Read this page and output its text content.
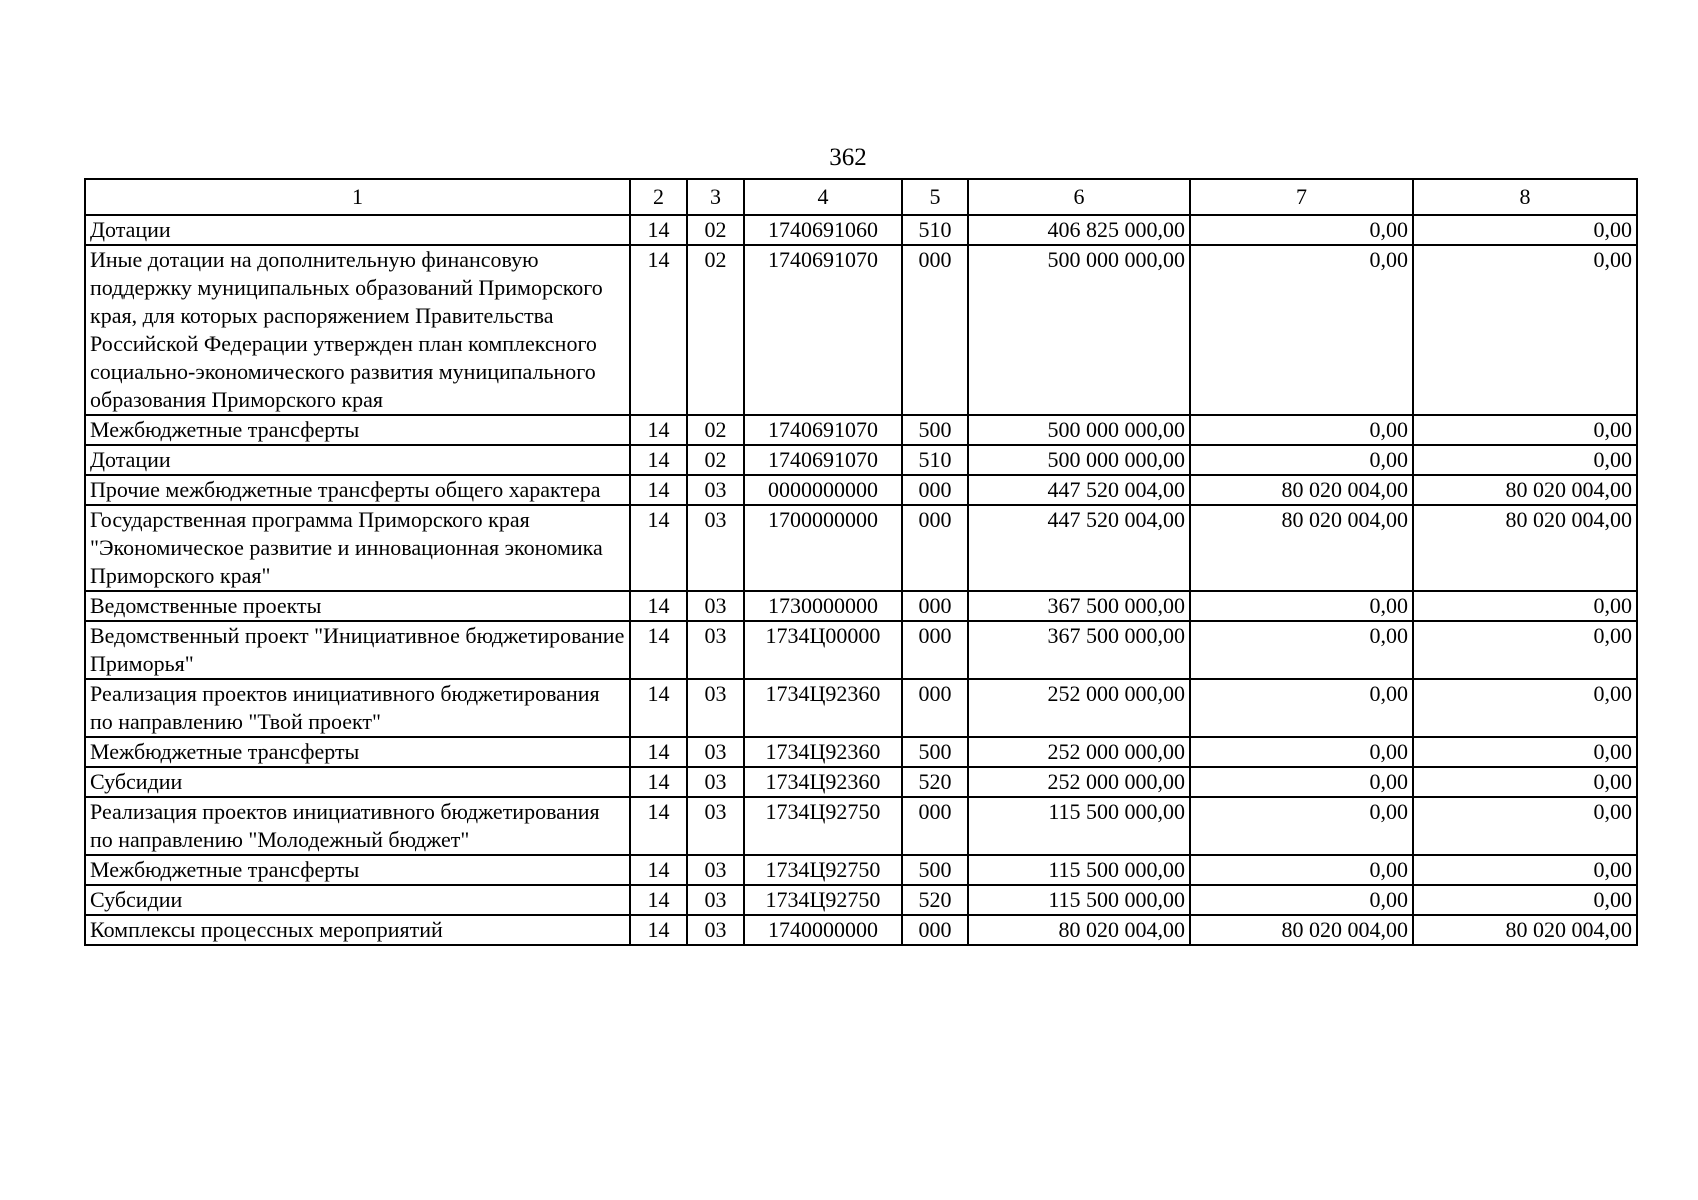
362
1	2	3	4	5	6	7	8
Дотации	14	02	1740691060	510	406 825 000,00	0,00	0,00
Иные дотации на дополнительную финансовую поддержку муниципальных образований Приморского края, для которых распоряжением Правительства Российской Федерации утвержден план комплексного социально-экономического развития муниципального образования Приморского края	14	02	1740691070	000	500 000 000,00	0,00	0,00
Межбюджетные трансферты	14	02	1740691070	500	500 000 000,00	0,00	0,00
Дотации	14	02	1740691070	510	500 000 000,00	0,00	0,00
Прочие межбюджетные трансферты общего характера	14	03	0000000000	000	447 520 004,00	80 020 004,00	80 020 004,00
Государственная программа Приморского края "Экономическое развитие и инновационная экономика Приморского края"	14	03	1700000000	000	447 520 004,00	80 020 004,00	80 020 004,00
Ведомственные проекты	14	03	1730000000	000	367 500 000,00	0,00	0,00
Ведомственный проект "Инициативное бюджетирование Приморья"	14	03	1734Ц00000	000	367 500 000,00	0,00	0,00
Реализация проектов инициативного бюджетирования по направлению "Твой проект"	14	03	1734Ц92360	000	252 000 000,00	0,00	0,00
Межбюджетные трансферты	14	03	1734Ц92360	500	252 000 000,00	0,00	0,00
Субсидии	14	03	1734Ц92360	520	252 000 000,00	0,00	0,00
Реализация проектов инициативного бюджетирования по направлению "Молодежный бюджет"	14	03	1734Ц92750	000	115 500 000,00	0,00	0,00
Межбюджетные трансферты	14	03	1734Ц92750	500	115 500 000,00	0,00	0,00
Субсидии	14	03	1734Ц92750	520	115 500 000,00	0,00	0,00
Комплексы процессных мероприятий	14	03	1740000000	000	80 020 004,00	80 020 004,00	80 020 004,00
